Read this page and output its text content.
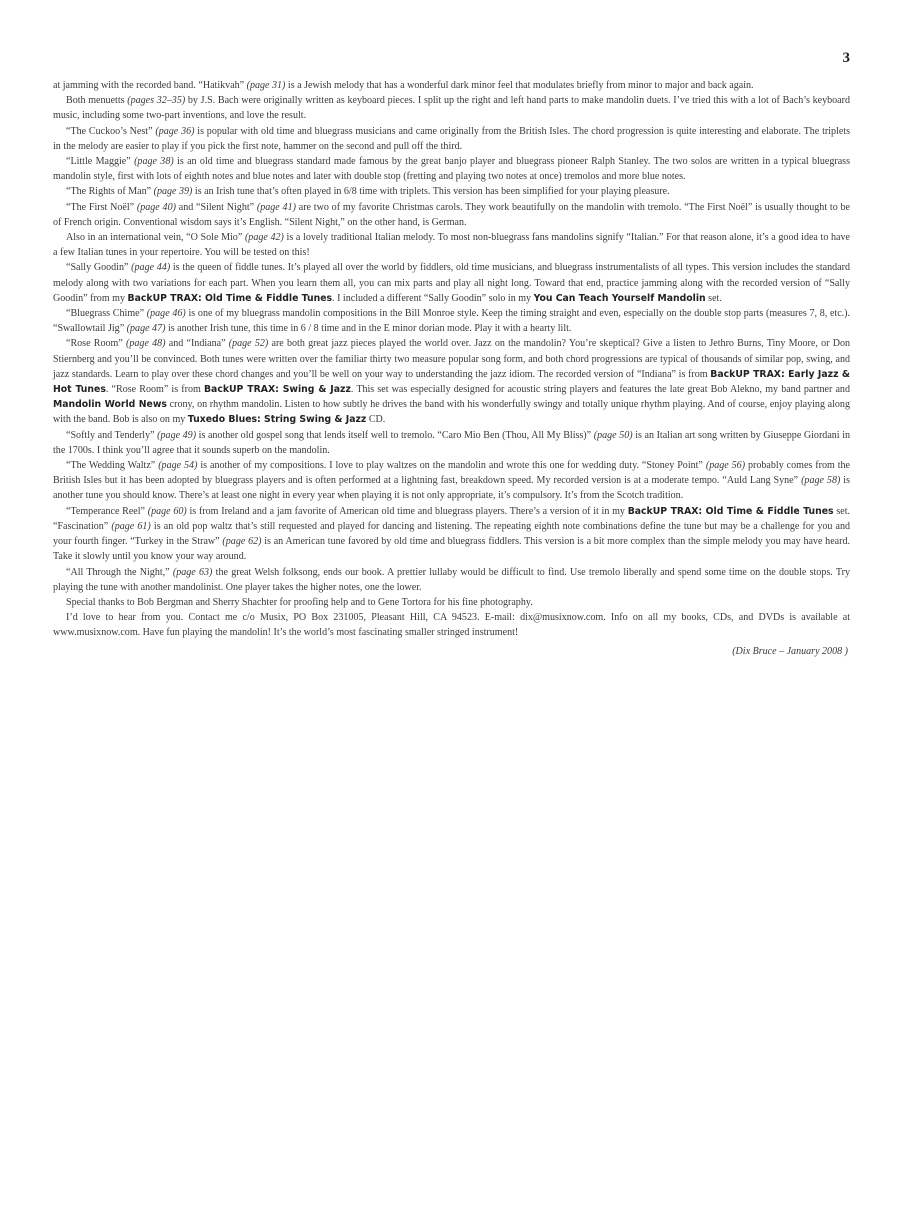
3

at jamming with the recorded band. “Hatikvah” (page 31) is a Jewish melody that has a wonderful dark minor feel that modulates briefly from minor to major and back again.

Both menuetts (pages 32–35) by J.S. Bach were originally written as keyboard pieces. I split up the right and left hand parts to make mandolin duets. I’ve tried this with a lot of Bach’s keyboard music, including some two-part inventions, and love the result.

“The Cuckoo’s Nest” (page 36) is popular with old time and bluegrass musicians and came originally from the British Isles. The chord progression is quite interesting and elaborate. The triplets in the melody are easier to play if you pick the first note, hammer on the second and pull off the third.

“Little Maggie” (page 38) is an old time and bluegrass standard made famous by the great banjo player and bluegrass pioneer Ralph Stanley. The two solos are written in a typical bluegrass mandolin style, first with lots of eighth notes and blue notes and later with double stop (fretting and playing two notes at once) tremolos and more blue notes.

“The Rights of Man” (page 39) is an Irish tune that’s often played in 6/8 time with triplets. This version has been simplified for your playing pleasure.

“The First Noël” (page 40) and “Silent Night” (page 41) are two of my favorite Christmas carols. They work beautifully on the mandolin with tremolo. “The First Noël” is usually thought to be of French origin. Conventional wisdom says it’s English. “Silent Night,” on the other hand, is German.

Also in an international vein, “O Sole Mio” (page 42) is a lovely traditional Italian melody. To most non-bluegrass fans mandolins signify “Italian.” For that reason alone, it’s a good idea to have a few Italian tunes in your repertoire. You will be tested on this!

“Sally Goodin” (page 44) is the queen of fiddle tunes. It’s played all over the world by fiddlers, old time musicians, and bluegrass instrumentalists of all types. This version includes the standard melody along with two variations for each part. When you learn them all, you can mix parts and play all night long. Toward that end, practice jamming along with the recorded version of “Sally Goodin” from my BackUP TRAX: Old Time & Fiddle Tunes. I included a different “Sally Goodin” solo in my You Can Teach Yourself Mandolin set.

“Bluegrass Chime” (page 46) is one of my bluegrass mandolin compositions in the Bill Monroe style. Keep the timing straight and even, especially on the double stop parts (measures 7, 8, etc.). “Swallowtail Jig” (page 47) is another Irish tune, this time in 6 / 8 time and in the E minor dorian mode. Play it with a hearty lilt.

“Rose Room” (page 48) and “Indiana” (page 52) are both great jazz pieces played the world over. Jazz on the mandolin? You’re skeptical? Give a listen to Jethro Burns, Tiny Moore, or Don Stiernberg and you’ll be convinced. Both tunes were written over the familiar thirty two measure popular song form, and both chord progressions are typical of thousands of similar pop, swing, and jazz standards. Learn to play over these chord changes and you’ll be well on your way to understanding the jazz idiom. The recorded version of “Indiana” is from BackUP TRAX: Early Jazz & Hot Tunes. “Rose Room” is from BackUP TRAX: Swing & Jazz. This set was especially designed for acoustic string players and features the late great Bob Alekno, my band partner and Mandolin World News crony, on rhythm mandolin. Listen to how subtly he drives the band with his wonderfully swingy and totally unique rhythm playing. And of course, enjoy playing along with the band. Bob is also on my Tuxedo Blues: String Swing & Jazz CD.

“Softly and Tenderly” (page 49) is another old gospel song that lends itself well to tremolo. “Caro Mio Ben (Thou, All My Bliss)” (page 50) is an Italian art song written by Giuseppe Giordani in the 1700s. I think you’ll agree that it sounds superb on the mandolin.

“The Wedding Waltz” (page 54) is another of my compositions. I love to play waltzes on the mandolin and wrote this one for wedding duty. “Stoney Point” (page 56) probably comes from the British Isles but it has been adopted by bluegrass players and is often performed at a lightning fast, breakdown speed. My recorded version is at a moderate tempo. “Auld Lang Syne” (page 58) is another tune you should know. There’s at least one night in every year when playing it is not only appropriate, it’s compulsory. It’s from the Scotch tradition.

“Temperance Reel” (page 60) is from Ireland and a jam favorite of American old time and bluegrass players. There’s a version of it in my BackUP TRAX: Old Time & Fiddle Tunes set. “Fascination” (page 61) is an old pop waltz that’s still requested and played for dancing and listening. The repeating eighth note combinations define the tune but may be a challenge for you and your fourth finger. “Turkey in the Straw” (page 62) is an American tune favored by old time and bluegrass fiddlers. This version is a bit more complex than the simple melody you may have heard. Take it slowly until you know your way around.

“All Through the Night,” (page 63) the great Welsh folksong, ends our book. A prettier lullaby would be difficult to find. Use tremolo liberally and spend some time on the double stops. Try playing the tune with another mandolinist. One player takes the higher notes, one the lower.

Special thanks to Bob Bergman and Sherry Shachter for proofing help and to Gene Tortora for his fine photography.

I’d love to hear from you. Contact me c/o Musix, PO Box 231005, Pleasant Hill, CA 94523. E-mail: dix@musixnow.com. Info on all my books, CDs, and DVDs is available at www.musixnow.com. Have fun playing the mandolin! It’s the world’s most fascinating smaller stringed instrument!

(Dix Bruce – January 2008 )
